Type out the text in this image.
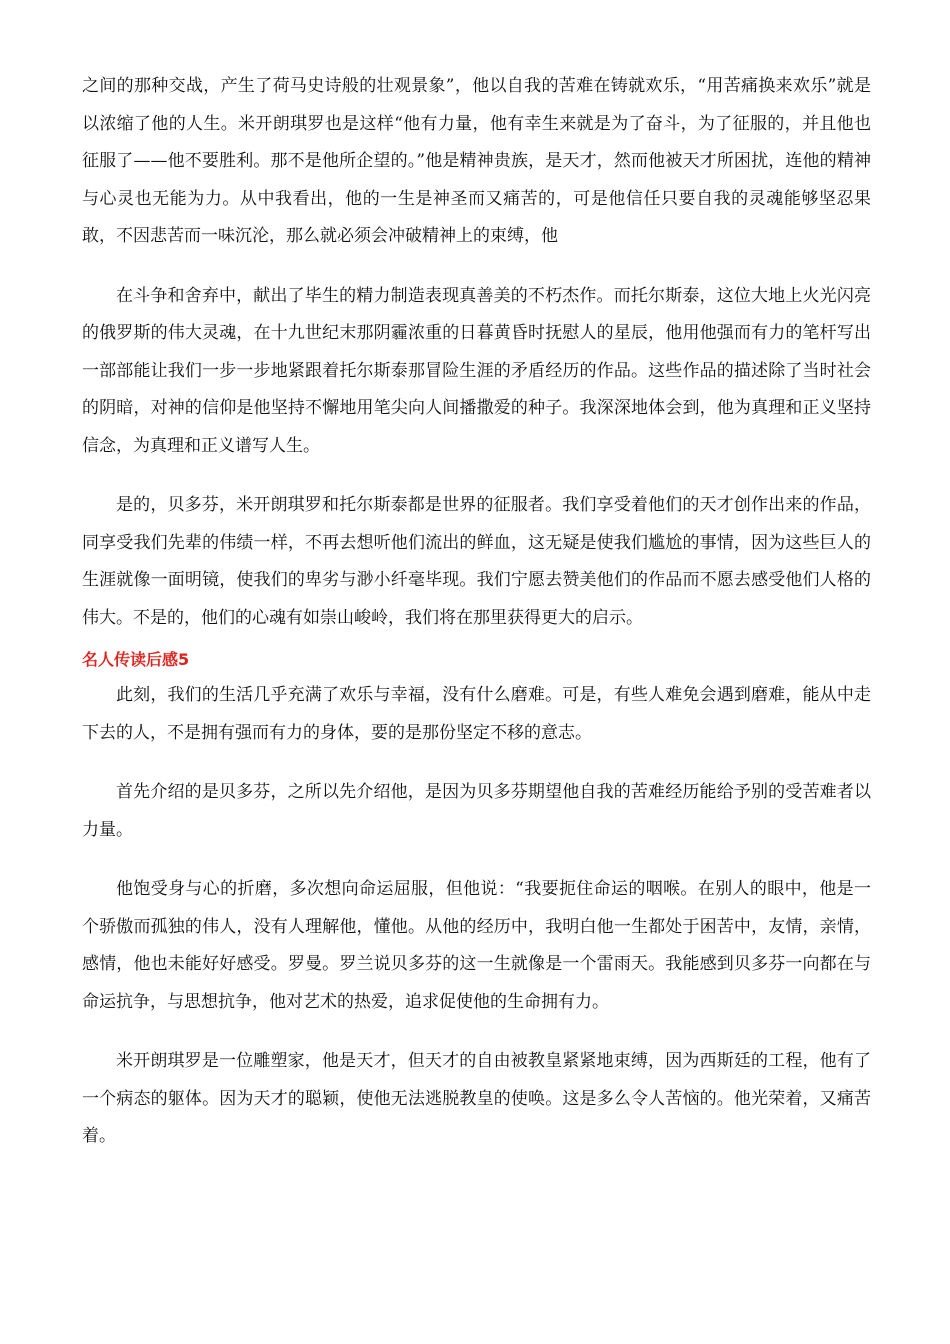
之间的那种交战，产生了荷马史诗般的壮观景象”，他以自我的苦难在铸就欢乐，“用苦痛换来欢乐”就是以浓缩了他的人生。米开朗琪罗也是这样“他有力量，他有幸生来就是为了奋斗，为了征服的，并且他也征服了——他不要胜利。那不是他所企望的。”他是精神贵族，是天才，然而他被天才所困扰，连他的精神与心灵也无能为力。从中我看出，他的一生是神圣而又痛苦的，可是他信任只要自我的灵魂能够坚忍果敢，不因悲苦而一味沉沦，那么就必须会冲破精神上的束缚，他

在斗争和舍弃中，献出了毕生的精力制造表现真善美的不朽杰作。而托尔斯泰，这位大地上火光闪亮的俄罗斯的伟大灵魂，在十九世纪末那阴霾浓重的日暮黄昏时抚慰人的星辰，他用他强而有力的笔杆写出一部部能让我们一步一步地紧跟着托尔斯泰那冒险生涯的矛盾经历的作品。这些作品的描述除了当时社会的阴暗，对神的信仰是他坚持不懈地用笔尖向人间播撒爱的种子。我深深地体会到，他为真理和正义坚持信念，为真理和正义谱写人生。

是的，贝多芬，米开朗琪罗和托尔斯泰都是世界的征服者。我们享受着他们的天才创作出来的作品，同享受我们先辈的伟绩一样，不再去想听他们流出的鲜血，这无疑是使我们尴尬的事情，因为这些巨人的生涯就像一面明镜，使我们的卑劣与渺小纤毫毕现。我们宁愿去赞美他们的作品而不愿去感受他们人格的伟大。不是的，他们的心魂有如崇山峻岭，我们将在那里获得更大的启示。

名人传读后感5

此刻，我们的生活几乎充满了欢乐与幸福，没有什么磨难。可是，有些人难免会遇到磨难，能从中走下去的人，不是拥有强而有力的身体，要的是那份坚定不移的意志。

首先介绍的是贝多芬，之所以先介绍他，是因为贝多芬期望他自我的苦难经历能给予别的受苦难者以力量。

他饱受身与心的折磨，多次想向命运屈服，但他说：“我要扼住命运的咽喉。在别人的眼中，他是一个骄傲而孤独的伟人，没有人理解他，懂他。从他的经历中，我明白他一生都处于困苦中，友情，亲情，感情，他也未能好好感受。罗曼。罗兰说贝多芬的这一生就像是一个雷雨天。我能感到贝多芬一向都在与命运抗争，与思想抗争，他对艺术的热爱，追求促使他的生命拥有力。

米开朗琪罗是一位雕塑家，他是天才，但天才的自由被教皇紧紧地束缚，因为西斯廷的工程，他有了一个病态的躯体。因为天才的聪颖，使他无法逃脱教皇的使唤。这是多么令人苦恼的。他光荣着，又痛苦着。
